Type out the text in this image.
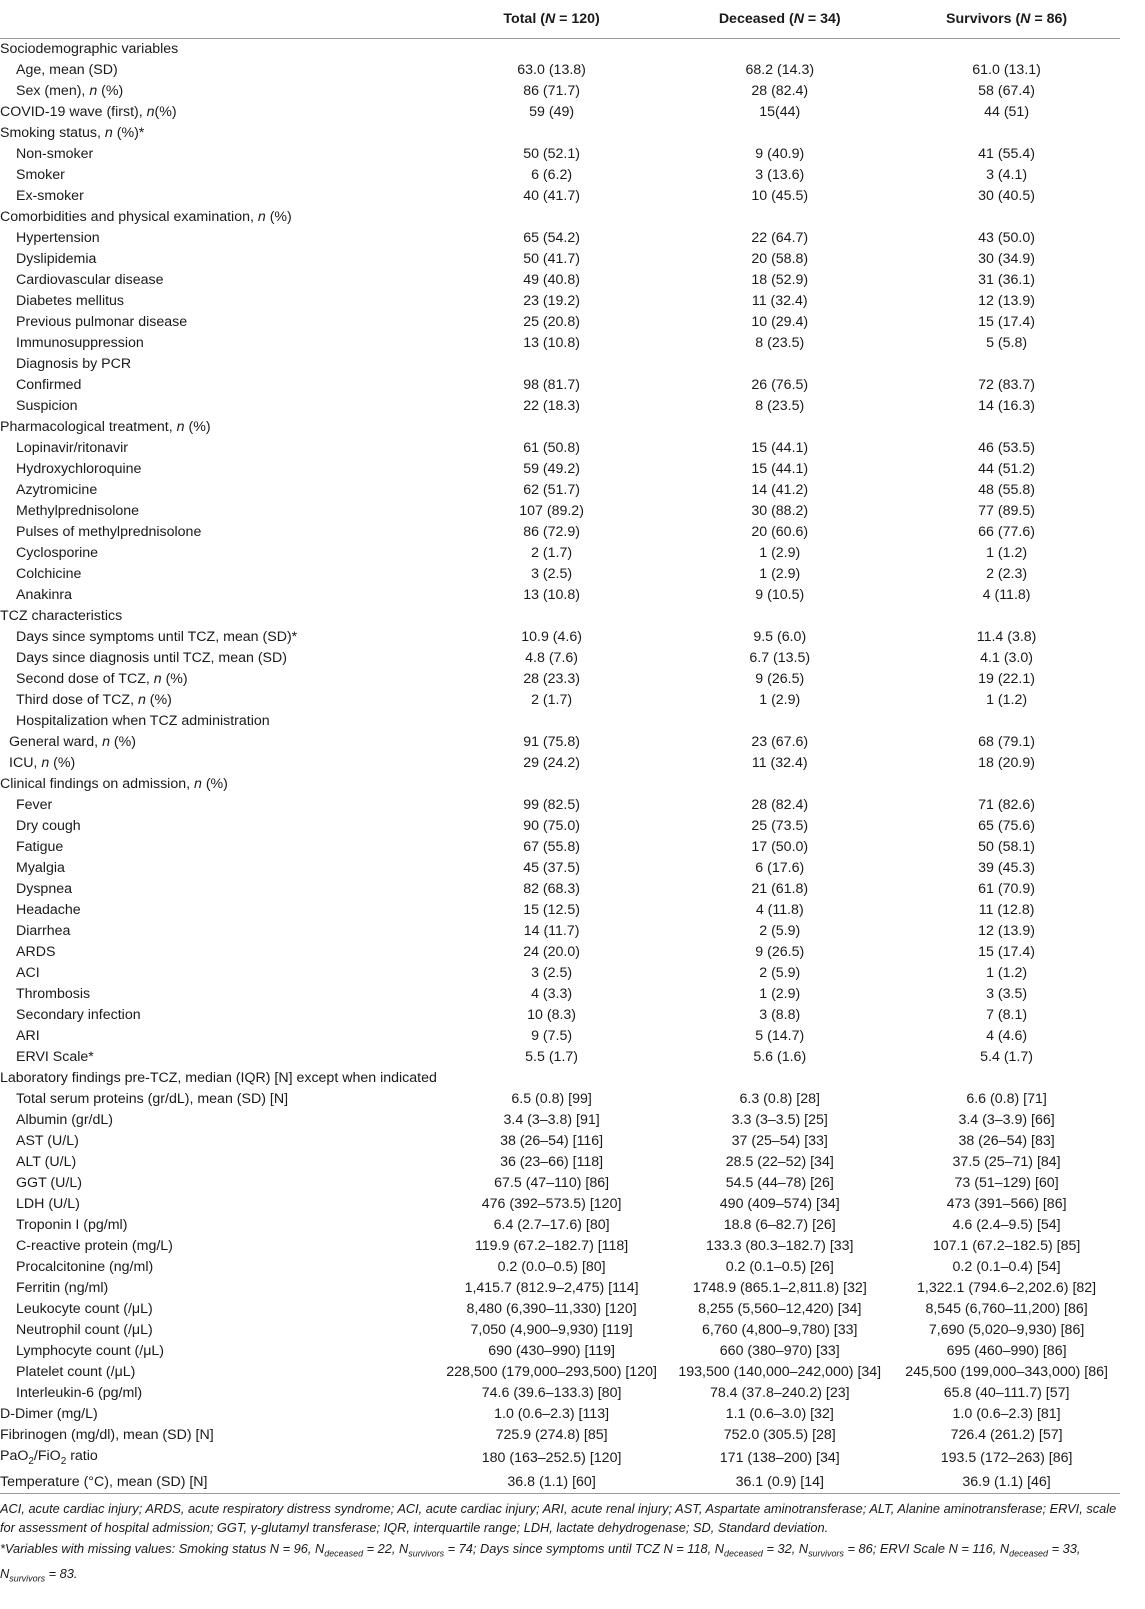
	Total (N = 120)	Deceased (N = 34)	Survivors (N = 86)
Sociodemographic variables			
Age, mean (SD)	63.0 (13.8)	68.2 (14.3)	61.0 (13.1)
Sex (men), n (%)	86 (71.7)	28 (82.4)	58 (67.4)
COVID-19 wave (first), n(%)	59 (49)	15(44)	44 (51)
Smoking status, n (%)*			
Non-smoker	50 (52.1)	9 (40.9)	41 (55.4)
Smoker	6 (6.2)	3 (13.6)	3 (4.1)
Ex-smoker	40 (41.7)	10 (45.5)	30 (40.5)
Comorbidities and physical examination, n (%)			
Hypertension	65 (54.2)	22 (64.7)	43 (50.0)
Dyslipidemia	50 (41.7)	20 (58.8)	30 (34.9)
Cardiovascular disease	49 (40.8)	18 (52.9)	31 (36.1)
Diabetes mellitus	23 (19.2)	11 (32.4)	12 (13.9)
Previous pulmonar disease	25 (20.8)	10 (29.4)	15 (17.4)
Immunosuppression	13 (10.8)	8 (23.5)	5 (5.8)
Diagnosis by PCR			
Confirmed	98 (81.7)	26 (76.5)	72 (83.7)
Suspicion	22 (18.3)	8 (23.5)	14 (16.3)
Pharmacological treatment, n (%)			
Lopinavir/ritonavir	61 (50.8)	15 (44.1)	46 (53.5)
Hydroxychloroquine	59 (49.2)	15 (44.1)	44 (51.2)
Azytromicine	62 (51.7)	14 (41.2)	48 (55.8)
Methylprednisolone	107 (89.2)	30 (88.2)	77 (89.5)
Pulses of methylprednisolone	86 (72.9)	20 (60.6)	66 (77.6)
Cyclosporine	2 (1.7)	1 (2.9)	1 (1.2)
Colchicine	3 (2.5)	1 (2.9)	2 (2.3)
Anakinra	13 (10.8)	9 (10.5)	4 (11.8)
TCZ characteristics			
Days since symptoms until TCZ, mean (SD)*	10.9 (4.6)	9.5 (6.0)	11.4 (3.8)
Days since diagnosis until TCZ, mean (SD)	4.8 (7.6)	6.7 (13.5)	4.1 (3.0)
Second dose of TCZ, n (%)	28 (23.3)	9 (26.5)	19 (22.1)
Third dose of TCZ, n (%)	2 (1.7)	1 (2.9)	1 (1.2)
Hospitalization when TCZ administration			
General ward, n (%)	91 (75.8)	23 (67.6)	68 (79.1)
ICU, n (%)	29 (24.2)	11 (32.4)	18 (20.9)
Clinical findings on admission, n (%)			
Fever	99 (82.5)	28 (82.4)	71 (82.6)
Dry cough	90 (75.0)	25 (73.5)	65 (75.6)
Fatigue	67 (55.8)	17 (50.0)	50 (58.1)
Myalgia	45 (37.5)	6 (17.6)	39 (45.3)
Dyspnea	82 (68.3)	21 (61.8)	61 (70.9)
Headache	15 (12.5)	4 (11.8)	11 (12.8)
Diarrhea	14 (11.7)	2 (5.9)	12 (13.9)
ARDS	24 (20.0)	9 (26.5)	15 (17.4)
ACI	3 (2.5)	2 (5.9)	1 (1.2)
Thrombosis	4 (3.3)	1 (2.9)	3 (3.5)
Secondary infection	10 (8.3)	3 (8.8)	7 (8.1)
ARI	9 (7.5)	5 (14.7)	4 (4.6)
ERVI Scale*	5.5 (1.7)	5.6 (1.6)	5.4 (1.7)
Laboratory findings pre-TCZ, median (IQR) [N] except when indicated			
Total serum proteins (gr/dL), mean (SD) [N]	6.5 (0.8) [99]	6.3 (0.8) [28]	6.6 (0.8) [71]
Albumin (gr/dL)	3.4 (3–3.8) [91]	3.3 (3–3.5) [25]	3.4 (3–3.9) [66]
AST (U/L)	38 (26–54) [116]	37 (25–54) [33]	38 (26–54) [83]
ALT (U/L)	36 (23–66) [118]	28.5 (22–52) [34]	37.5 (25–71) [84]
GGT (U/L)	67.5 (47–110) [86]	54.5 (44–78) [26]	73 (51–129) [60]
LDH (U/L)	476 (392–573.5) [120]	490 (409–574) [34]	473 (391–566) [86]
Troponin I (pg/ml)	6.4 (2.7–17.6) [80]	18.8 (6–82.7) [26]	4.6 (2.4–9.5) [54]
C-reactive protein (mg/L)	119.9 (67.2–182.7) [118]	133.3 (80.3–182.7) [33]	107.1 (67.2–182.5) [85]
Procalcitonine (ng/ml)	0.2 (0.0–0.5) [80]	0.2 (0.1–0.5) [26]	0.2 (0.1–0.4) [54]
Ferritin (ng/ml)	1,415.7 (812.9–2,475) [114]	1748.9 (865.1–2,811.8) [32]	1,322.1 (794.6–2,202.6) [82]
Leukocyte count (/μL)	8,480 (6,390–11,330) [120]	8,255 (5,560–12,420) [34]	8,545 (6,760–11,200) [86]
Neutrophil count (/μL)	7,050 (4,900–9,930) [119]	6,760 (4,800–9,780) [33]	7,690 (5,020–9,930) [86]
Lymphocyte count (/μL)	690 (430–990) [119]	660 (380–970) [33]	695 (460–990) [86]
Platelet count (/μL)	228,500 (179,000–293,500) [120]	193,500 (140,000–242,000) [34]	245,500 (199,000–343,000) [86]
Interleukin-6 (pg/ml)	74.6 (39.6–133.3) [80]	78.4 (37.8–240.2) [23]	65.8 (40–111.7) [57]
D-Dimer (mg/L)	1.0 (0.6–2.3) [113]	1.1 (0.6–3.0) [32]	1.0 (0.6–2.3) [81]
Fibrinogen (mg/dl), mean (SD) [N]	725.9 (274.8) [85]	752.0 (305.5) [28]	726.4 (261.2) [57]
PaO$_2$/FiO$_2$ ratio	180 (163–252.5) [120]	171 (138–200) [34]	193.5 (172–263) [86]
Temperature (°C), mean (SD) [N]	36.8 (1.1) [60]	36.1 (0.9) [14]	36.9 (1.1) [46]

ACI, acute cardiac injury; ARDS, acute respiratory distress syndrome; ACI, acute cardiac injury; ARI, acute renal injury; AST, Aspartate aminotransferase; ALT, Alanine aminotransferase; ERVI, scale for assessment of hospital admission; GGT, γ-glutamyl transferase; IQR, interquartile range; LDH, lactate dehydrogenase; SD, Standard deviation.

*Variables with missing values: Smoking status N = 96, $N_{deceased} = 22$, $N_{survivors} = 74$; Days since symptoms until TCZ N = 118, $N_{deceased} = 32$, $N_{survivors} = 86$; ERVI Scale N = 116, $N_{deceased} = 33$, $N_{survivors} = 83$.
